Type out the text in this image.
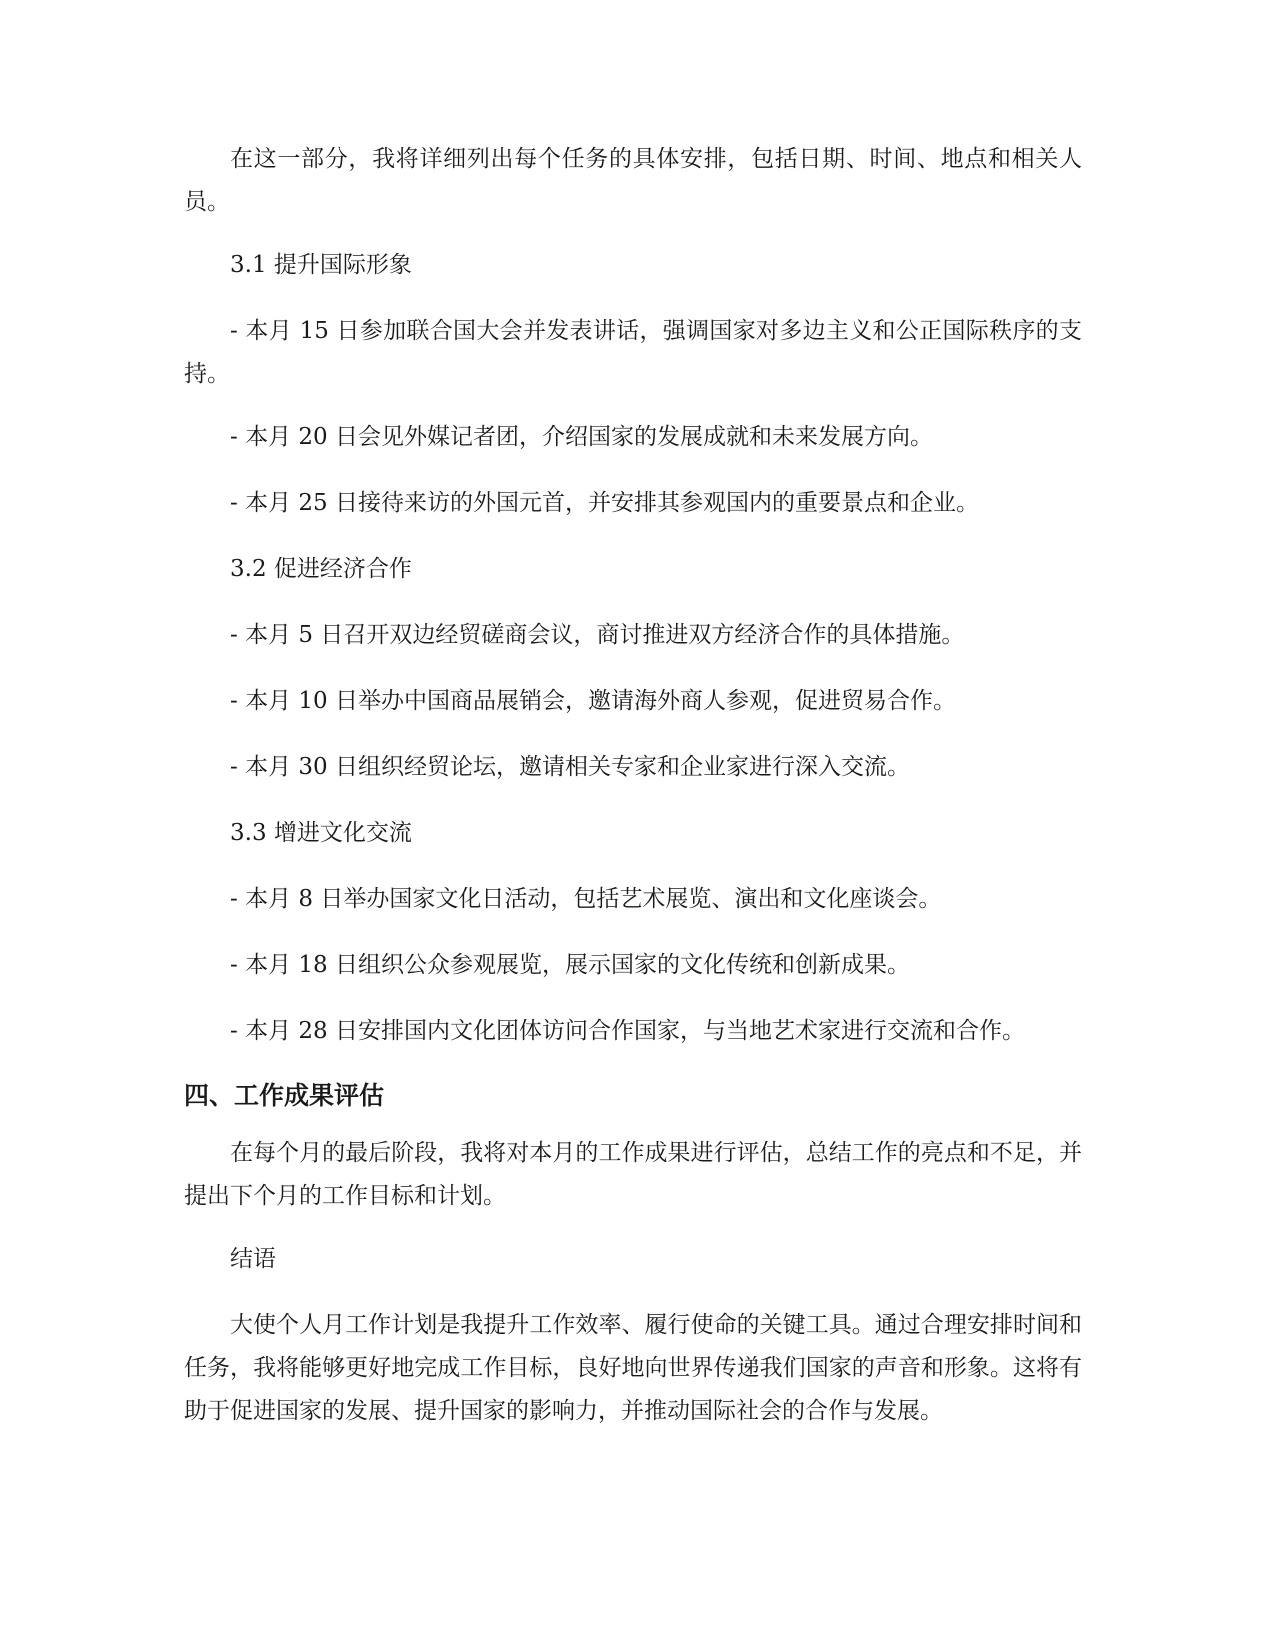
在这一部分，我将详细列出每个任务的具体安排，包括日期、时间、地点和相关人员。

3.1 提升国际形象

- 本月 15 日参加联合国大会并发表讲话，强调国家对多边主义和公正国际秩序的支持。

- 本月 20 日会见外媒记者团，介绍国家的发展成就和未来发展方向。

- 本月 25 日接待来访的外国元首，并安排其参观国内的重要景点和企业。

3.2 促进经济合作

- 本月 5 日召开双边经贸磋商会议，商讨推进双方经济合作的具体措施。

- 本月 10 日举办中国商品展销会，邀请海外商人参观，促进贸易合作。

- 本月 30 日组织经贸论坛，邀请相关专家和企业家进行深入交流。

3.3 增进文化交流

- 本月 8 日举办国家文化日活动，包括艺术展览、演出和文化座谈会。

- 本月 18 日组织公众参观展览，展示国家的文化传统和创新成果。

- 本月 28 日安排国内文化团体访问合作国家，与当地艺术家进行交流和合作。

四、工作成果评估

在每个月的最后阶段，我将对本月的工作成果进行评估，总结工作的亮点和不足，并提出下个月的工作目标和计划。

结语

大使个人月工作计划是我提升工作效率、履行使命的关键工具。通过合理安排时间和任务，我将能够更好地完成工作目标，良好地向世界传递我们国家的声音和形象。这将有助于促进国家的发展、提升国家的影响力，并推动国际社会的合作与发展。
